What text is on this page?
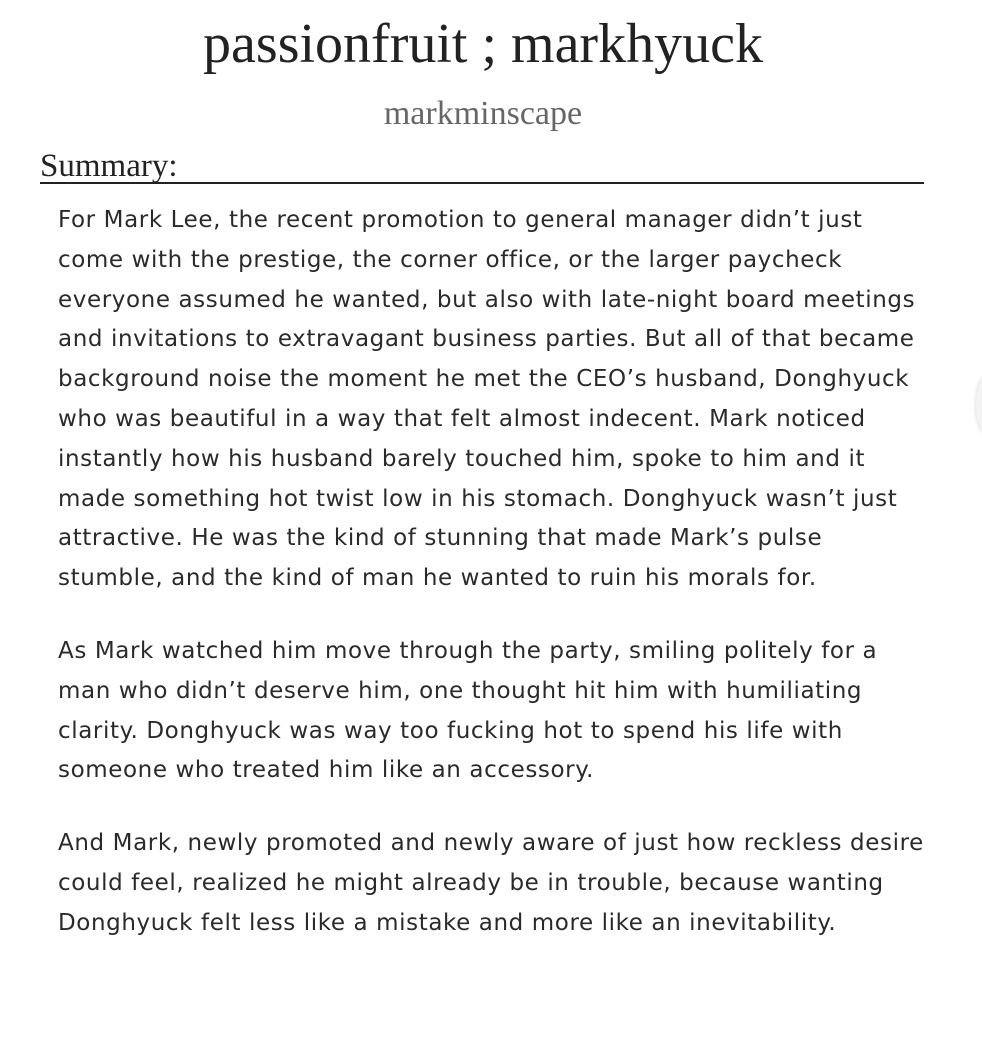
passionfruit ; markhyuck
markminscape
Summary:

For Mark Lee, the recent promotion to general manager didn’t just come with the prestige, the corner office, or the larger paycheck everyone assumed he wanted, but also with late-night board meetings and invitations to extravagant business parties. But all of that became background noise the moment he met the CEO’s husband, Donghyuck who was beautiful in a way that felt almost indecent. Mark noticed instantly how his husband barely touched him, spoke to him and it made something hot twist low in his stomach. Donghyuck wasn’t just attractive. He was the kind of stunning that made Mark’s pulse stumble, and the kind of man he wanted to ruin his morals for.

As Mark watched him move through the party, smiling politely for a man who didn’t deserve him, one thought hit him with humiliating clarity. Donghyuck was way too fucking hot to spend his life with someone who treated him like an accessory.

And Mark, newly promoted and newly aware of just how reckless desire could feel, realized he might already be in trouble, because wanting Donghyuck felt less like a mistake and more like an inevitability.
